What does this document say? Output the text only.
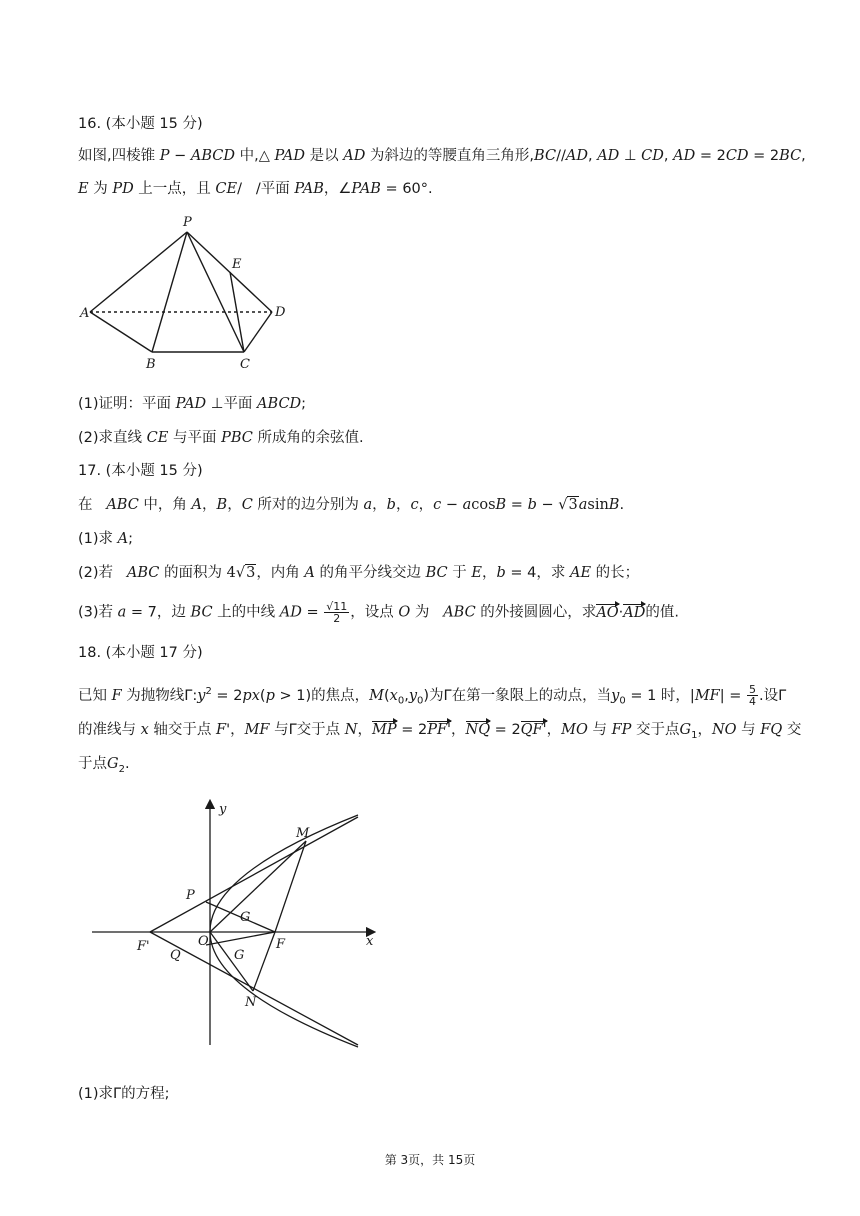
16. (本小题 15 分)
如图,四棱锥 P − ABCD 中,△ PAD 是以 AD 为斜边的等腰直角三角形,BC//AD, AD ⊥ CD, AD = 2CD = 2BC,
E 为 PD 上一点，且 CE/   /平面 PAB，∠PAB = 60°.
P
E
A	D
B	C
(1)证明：平面 PAD ⊥平面 ABCD;
(2)求直线 CE 与平面 PBC 所成角的余弦值.
17. (本小题 15 分)
在   ABC 中，角 A，B，C 所对的边分别为 a，b，c，c − acosB = b − √3asinB.
(1)求 A;
(2)若   ABC 的面积为 4√3，内角 A 的角平分线交边 BC 于 E，b = 4，求 AE 的长；
(3)若 a = 7，边 BC 上的中线 AD = $\frac{√11}{2}$ ，设点 O 为   ABC 的外接圆圆心，求AO·AD的值.
18. (本小题 17 分)
已知 F 为抛物线$\Gamma:y^2 = 2px(p > 1)$的焦点，$M(x_0,y_0)$为Γ在第一象限上的动点，当$y_0 = 1$ 时，$|MF| = \frac{5}{4}$ .设Γ
的准线与 x 轴交于点 F'，MF 与Γ交于点 N，MP = 2PF'，NQ = 2QF'，MO 与 FP 交于点$G_1$，NO 与 FQ 交
于点$G_2$.
y
M
P
G
F'	O	F	x
Q	G
N
(1)求Γ的方程;
第 3页，共 15页
